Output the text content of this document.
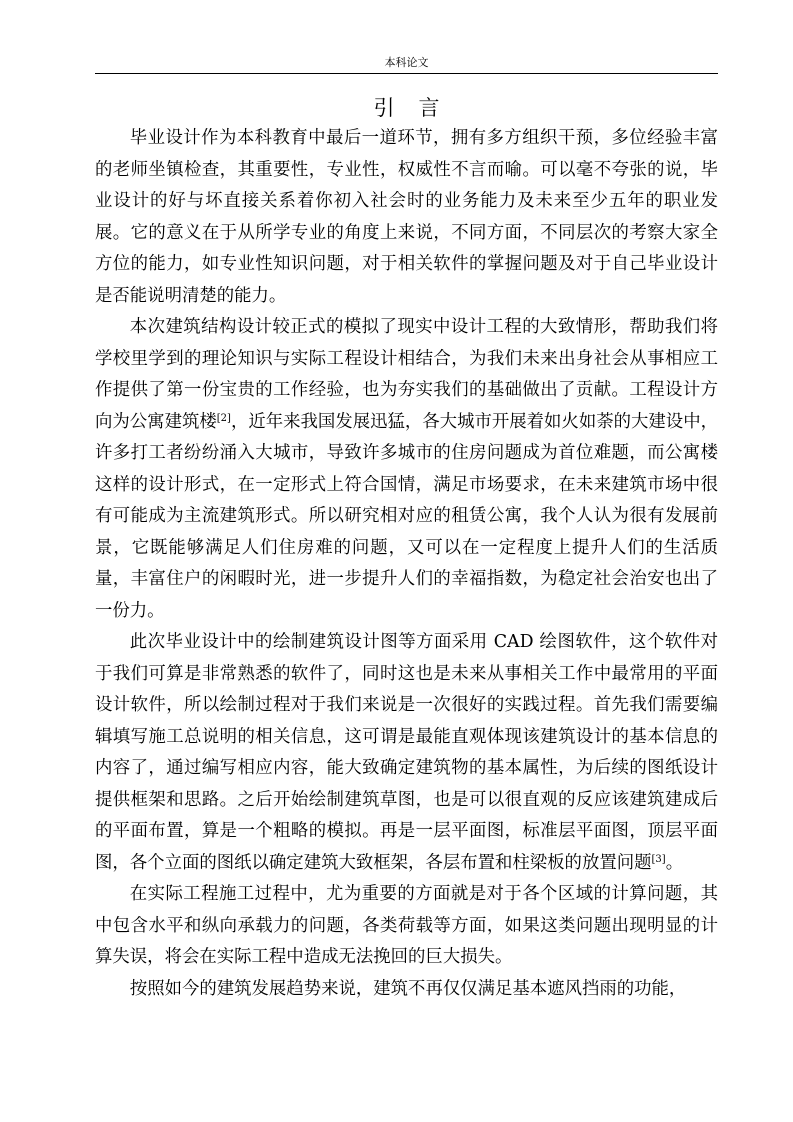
本科论文
引言

毕业设计作为本科教育中最后一道环节，拥有多方组织干预，多位经验丰富的老师坐镇检查，其重要性，专业性，权威性不言而喻。可以毫不夸张的说，毕业设计的好与坏直接关系着你初入社会时的业务能力及未来至少五年的职业发展。它的意义在于从所学专业的角度上来说，不同方面，不同层次的考察大家全方位的能力，如专业性知识问题，对于相关软件的掌握问题及对于自己毕业设计是否能说明清楚的能力。

本次建筑结构设计较正式的模拟了现实中设计工程的大致情形，帮助我们将学校里学到的理论知识与实际工程设计相结合，为我们未来出身社会从事相应工作提供了第一份宝贵的工作经验，也为夯实我们的基础做出了贡献。工程设计方向为公寓建筑楼[2]，近年来我国发展迅猛，各大城市开展着如火如荼的大建设中，许多打工者纷纷涌入大城市，导致许多城市的住房问题成为首位难题，而公寓楼这样的设计形式，在一定形式上符合国情，满足市场要求，在未来建筑市场中很有可能成为主流建筑形式。所以研究相对应的租赁公寓，我个人认为很有发展前景，它既能够满足人们住房难的问题，又可以在一定程度上提升人们的生活质量，丰富住户的闲暇时光，进一步提升人们的幸福指数，为稳定社会治安也出了一份力。

此次毕业设计中的绘制建筑设计图等方面采用 CAD 绘图软件，这个软件对于我们可算是非常熟悉的软件了，同时这也是未来从事相关工作中最常用的平面设计软件，所以绘制过程对于我们来说是一次很好的实践过程。首先我们需要编辑填写施工总说明的相关信息，这可谓是最能直观体现该建筑设计的基本信息的内容了，通过编写相应内容，能大致确定建筑物的基本属性，为后续的图纸设计提供框架和思路。之后开始绘制建筑草图，也是可以很直观的反应该建筑建成后的平面布置，算是一个粗略的模拟。再是一层平面图，标准层平面图，顶层平面图，各个立面的图纸以确定建筑大致框架，各层布置和柱梁板的放置问题[3]。

在实际工程施工过程中，尤为重要的方面就是对于各个区域的计算问题，其中包含水平和纵向承载力的问题，各类荷载等方面，如果这类问题出现明显的计算失误，将会在实际工程中造成无法挽回的巨大损失。

按照如今的建筑发展趋势来说，建筑不再仅仅满足基本遮风挡雨的功能，
